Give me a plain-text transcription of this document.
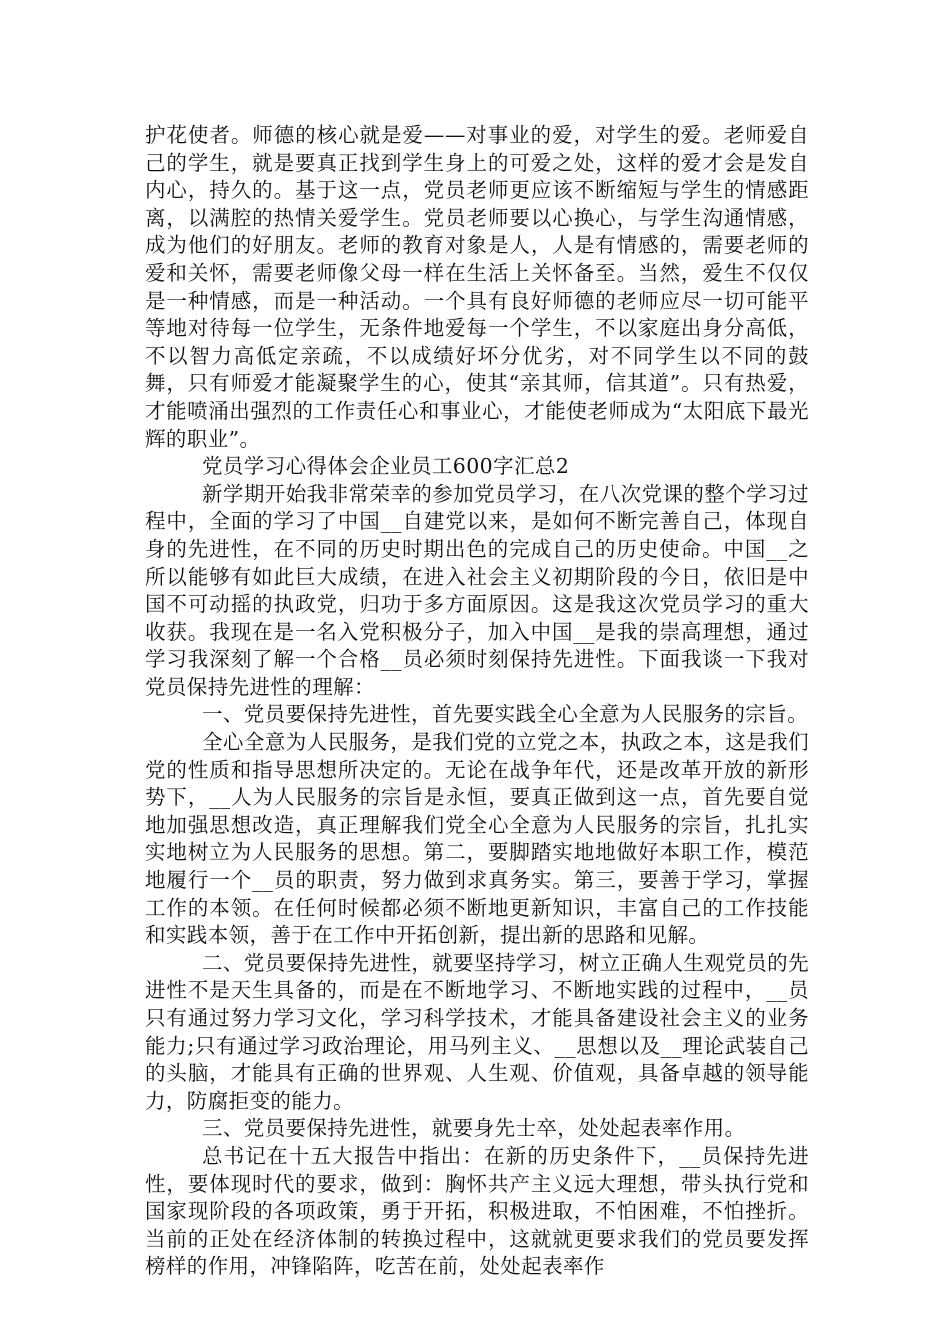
护花使者。师德的核心就是爱——对事业的爱，对学生的爱。老师爱自己的学生，就是要真正找到学生身上的可爱之处，这样的爱才会是发自内心，持久的。基于这一点，党员老师更应该不断缩短与学生的情感距离，以满腔的热情关爱学生。党员老师要以心换心，与学生沟通情感，成为他们的好朋友。老师的教育对象是人，人是有情感的，需要老师的爱和关怀，需要老师像父母一样在生活上关怀备至。当然，爱生不仅仅是一种情感，而是一种活动。一个具有良好师德的老师应尽一切可能平等地对待每一位学生，无条件地爱每一个学生，不以家庭出身分高低，不以智力高低定亲疏，不以成绩好坏分优劣，对不同学生以不同的鼓舞，只有师爱才能凝聚学生的心，使其“亲其师，信其道”。只有热爱，才能喷涌出强烈的工作责任心和事业心，才能使老师成为“太阳底下最光辉的职业”。

党员学习心得体会企业员工600字汇总2

新学期开始我非常荣幸的参加党员学习，在八次党课的整个学习过程中，全面的学习了中国__自建党以来，是如何不断完善自己，体现自身的先进性，在不同的历史时期出色的完成自己的历史使命。中国__之所以能够有如此巨大成绩，在进入社会主义初期阶段的今日，依旧是中国不可动摇的执政党，归功于多方面原因。这是我这次党员学习的重大收获。我现在是一名入党积极分子，加入中国__是我的崇高理想，通过学习我深刻了解一个合格__员必须时刻保持先进性。下面我谈一下我对党员保持先进性的理解：

一、党员要保持先进性，首先要实践全心全意为人民服务的宗旨。

全心全意为人民服务，是我们党的立党之本，执政之本，这是我们党的性质和指导思想所决定的。无论在战争年代，还是改革开放的新形势下，__人为人民服务的宗旨是永恒，要真正做到这一点，首先要自觉地加强思想改造，真正理解我们党全心全意为人民服务的宗旨，扎扎实实地树立为人民服务的思想。第二，要脚踏实地地做好本职工作，模范地履行一个__员的职责，努力做到求真务实。第三，要善于学习，掌握工作的本领。在任何时候都必须不断地更新知识，丰富自己的工作技能和实践本领，善于在工作中开拓创新，提出新的思路和见解。

二、党员要保持先进性，就要坚持学习，树立正确人生观党员的先进性不是天生具备的，而是在不断地学习、不断地实践的过程中，__员只有通过努力学习文化，学习科学技术，才能具备建设社会主义的业务能力;只有通过学习政治理论，用马列主义、__思想以及__理论武装自己的头脑，才能具有正确的世界观、人生观、价值观，具备卓越的领导能力，防腐拒变的能力。

三、党员要保持先进性，就要身先士卒，处处起表率作用。

总书记在十五大报告中指出：在新的历史条件下，__员保持先进性，要体现时代的要求，做到：胸怀共产主义远大理想，带头执行党和国家现阶段的各项政策，勇于开拓，积极进取，不怕困难，不怕挫折。当前的正处在经济体制的转换过程中，这就就更要求我们的党员要发挥榜样的作用，冲锋陷阵，吃苦在前，处处起表率作
